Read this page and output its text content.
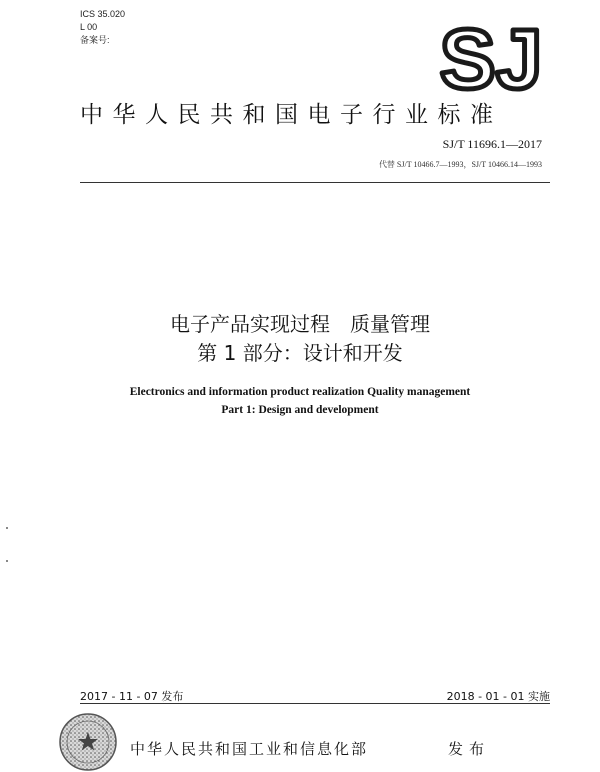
ICS 35.020
L 00
备案号:	SJ
中华人民共和国电子行业标准
SJ/T 11696.1—2017
代替 SJ/T 10466.7—1993，SJ/T 10466.14—1993
电子产品实现过程　质量管理
第 1 部分：设计和开发
Electronics and information product realization Quality management
Part 1: Design and development
2017 - 11 - 07 发布	2018 - 01 - 01 实施
中华人民共和国工业和信息化部	发布
